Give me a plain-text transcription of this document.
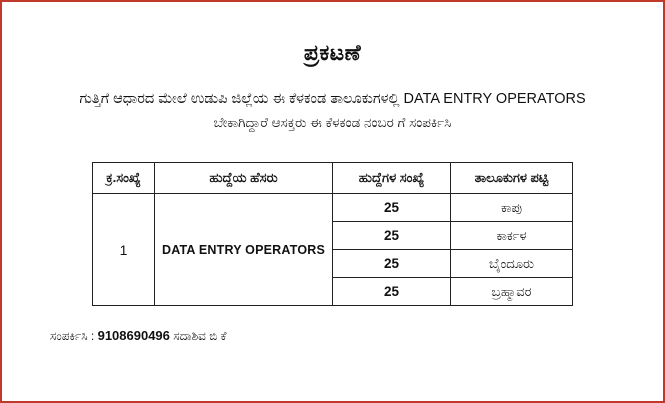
ಪ್ರಕಟಣೆ
ಗುತ್ತಿಗೆ ಆಧಾರದ ಮೇಲೆ ಉಡುಪಿ ಜಿಲ್ಲೆಯ ಈ ಕೆಳಕಂಡ ತಾಲೂಕುಗಳಲ್ಲಿ DATA ENTRY OPERATORS
ಬೇಕಾಗಿದ್ದಾರೆ ಆಸಕ್ತರು ಈ ಕೆಳಕಂಡ ನಂಬರ ಗೆ ಸಂಪರ್ಕಿಸಿ
ಕ್ರ.ಸಂಖ್ಯೆ	ಹುದ್ದೆಯ ಹೆಸರು	ಹುದ್ದೆಗಳ ಸಂಖ್ಯೆ	ತಾಲೂಕುಗಳ ಪಟ್ಟಿ
1	DATA ENTRY OPERATORS	25	ಕಾಪು
		25	ಕಾರ್ಕಳ
		25	ಬೈಂದೂರು
		25	ಬ್ರಹ್ಮಾವರ
ಸಂಪರ್ಕಿಸಿ : 9108690496 ಸದಾಶಿವ ಬಿ ಕೆ
